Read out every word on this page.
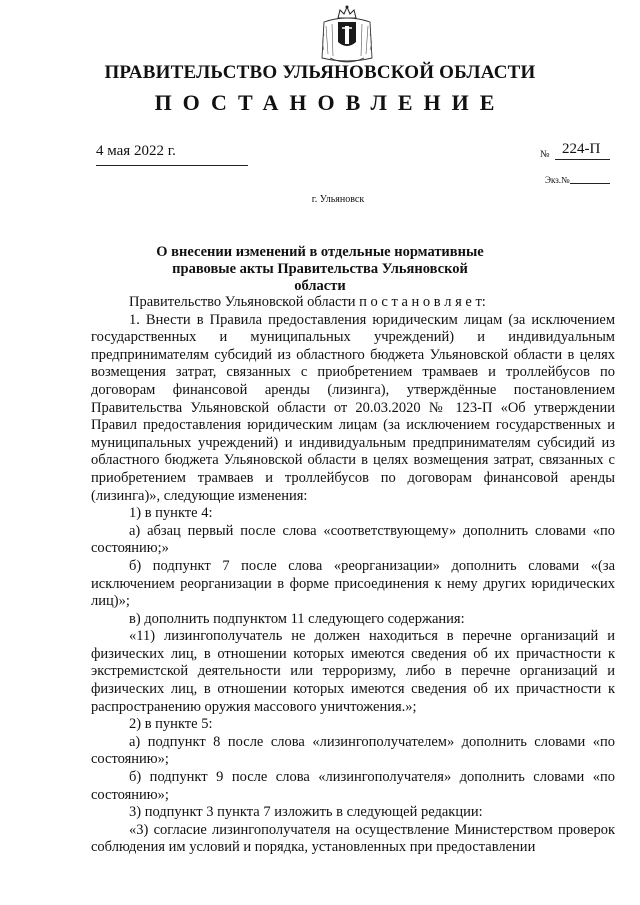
ПРАВИТЕЛЬСТВО УЛЬЯНОВСКОЙ ОБЛАСТИ
ПОСТАНОВЛЕНИЕ
4 мая 2022 г.	№ 224-П
Экз.№
г. Ульяновск
О внесении изменений в отдельные нормативные правовые акты Правительства Ульяновской области

Правительство Ульяновской области п о с т а н о в л я е т:

1. Внести в Правила предоставления юридическим лицам (за исключением государственных и муниципальных учреждений) и индивидуальным предпринимателям субсидий из областного бюджета Ульяновской области в целях возмещения затрат, связанных с приобретением трамваев и троллейбусов по договорам финансовой аренды (лизинга), утверждённые постановлением Правительства Ульяновской области от 20.03.2020 № 123-П «Об утверждении Правил предоставления юридическим лицам (за исключением государственных и муниципальных учреждений) и индивидуальным предпринимателям субсидий из областного бюджета Ульяновской области в целях возмещения затрат, связанных с приобретением трамваев и троллейбусов по договорам финансовой аренды (лизинга)», следующие изменения:

1) в пункте 4:

а) абзац первый после слова «соответствующему» дополнить словами «по состоянию;»

б) подпункт 7 после слова «реорганизации» дополнить словами «(за исключением реорганизации в форме присоединения к нему других юридических лиц)»;

в) дополнить подпунктом 11 следующего содержания:

«11) лизингополучатель не должен находиться в перечне организаций и физических лиц, в отношении которых имеются сведения об их причастности к экстремистской деятельности или терроризму, либо в перечне организаций и физических лиц, в отношении которых имеются сведения об их причастности к распространению оружия массового уничтожения.»;

2) в пункте 5:

а) подпункт 8 после слова «лизингополучателем» дополнить словами «по состоянию»;

б) подпункт 9 после слова «лизингополучателя» дополнить словами «по состоянию»;

3) подпункт 3 пункта 7 изложить в следующей редакции:

«3) согласие лизингополучателя на осуществление Министерством проверок соблюдения им условий и порядка, установленных при предоставлении
